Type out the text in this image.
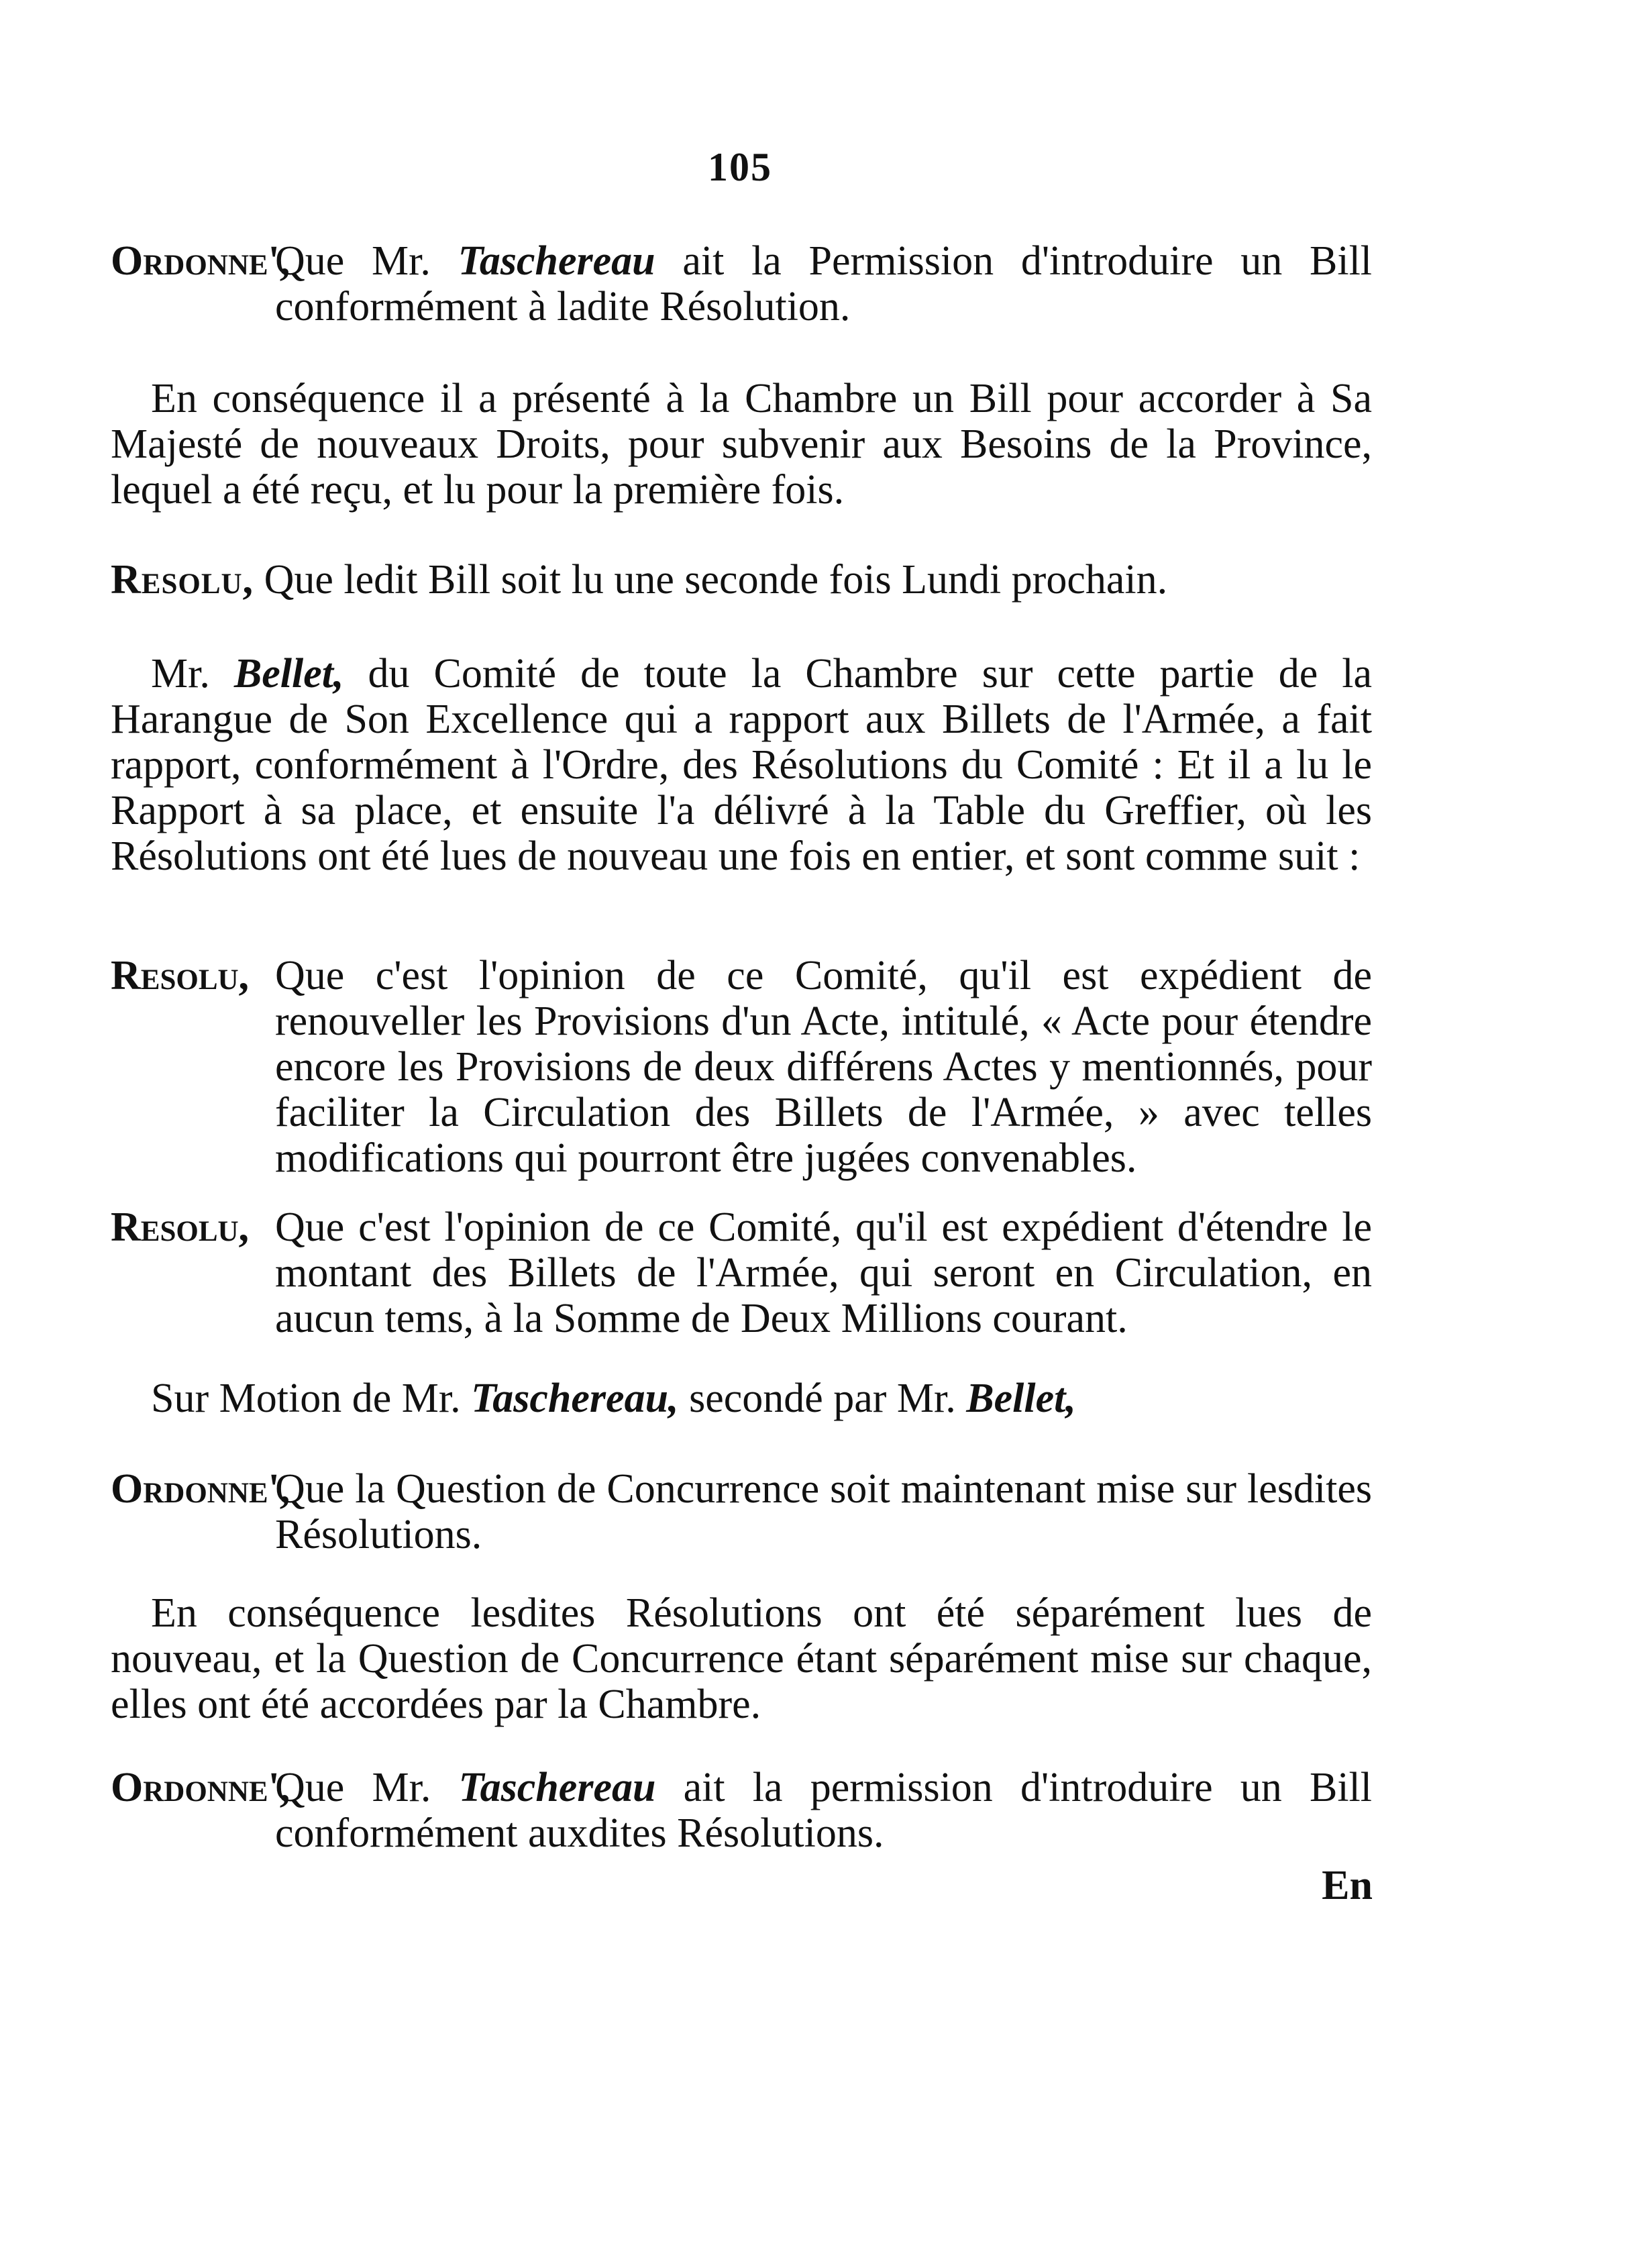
105
Ordonne',
Que Mr. Taschereau ait la Permission d'introduire un Bill conformément à ladite Résolution.

En conséquence il a présenté à la Chambre un Bill pour accorder à Sa Majesté de nouveaux Droits, pour subvenir aux Besoins de la Province, lequel a été reçu, et lu pour la première fois.

Resolu, Que ledit Bill soit lu une seconde fois Lundi prochain.

Mr. Bellet, du Comité de toute la Chambre sur cette partie de la Harangue de Son Excellence qui a rapport aux Billets de l'Armée, a fait rapport, conformément à l'Ordre, des Résolutions du Comité : Et il a lu le Rapport à sa place, et ensuite l'a délivré à la Table du Greffier, où les Résolutions ont été lues de nouveau une fois en entier, et sont comme suit :

Resolu, Que c'est l'opinion de ce Comité, qu'il est expédient de renouveller les Provisions d'un Acte, intitulé, « Acte pour étendre encore les Provisions de deux différens Actes y mentionnés, pour faciliter la Circulation des Billets de l'Armée, » avec telles modifications qui pourront être jugées convenables.
Resolu, Que c'est l'opinion de ce Comité, qu'il est expédient d'étendre le montant des Billets de l'Armée, qui seront en Circulation, en aucun tems, à la Somme de Deux Millions courant.

Sur Motion de Mr. Taschereau, secondé par Mr. Bellet,

Ordonne',
Que la Question de Concurrence soit maintenant mise sur lesdites Résolutions.

En conséquence lesdites Résolutions ont été séparément lues de nouveau, et la Question de Concurrence étant séparément mise sur chaque, elles ont été accordées par la Chambre.

Ordonne',
Que Mr. Taschereau ait la permission d'introduire un Bill conformément auxdites Résolutions.
En
